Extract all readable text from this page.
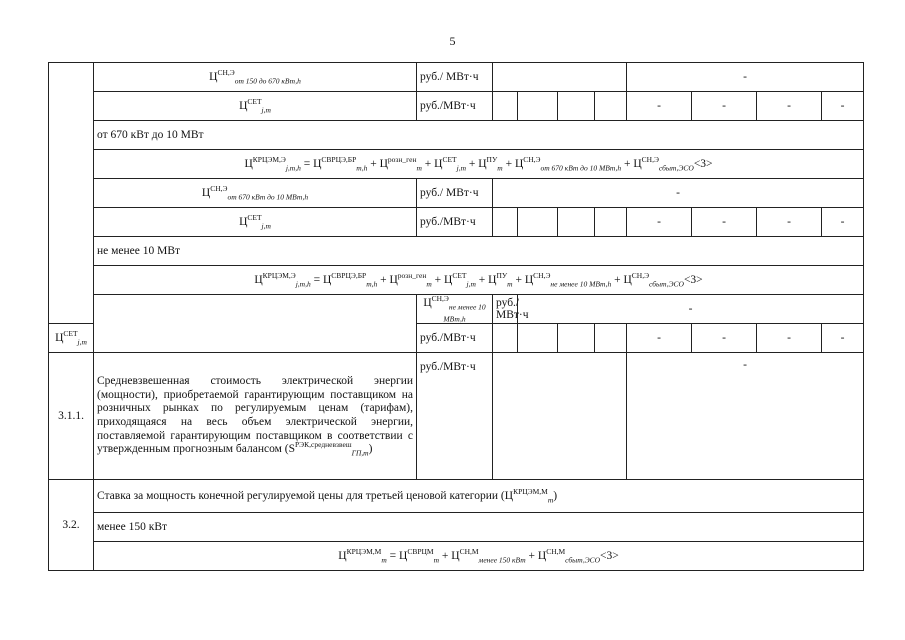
5
	$Ц^{СН,Э}_{от 150 до 670 кВт,h}$	руб./ МВт·ч					-			
	$Ц^{СЕТ}_{j,m}$	руб./МВт·ч					-	-	-	-
	от 670 кВт до 10 МВт									
	$Ц^{КРЦЭМ,Э}_{j,m,h} = Ц^{СВРЦЭ,БР}_{m,h} + Ц^{розн\_ген}_m + Ц^{СЕТ}_{j,m} + Ц^{ПУ}_m + Ц^{СН,Э}_{от 670 кВт до 10 МВт,h} + Ц^{СН,Э}_{сбыт,ЭСО}<3>$									
	$Ц^{СН,Э}_{от 670 кВт до 10 МВт,h}$	руб./ МВт·ч	-							
	$Ц^{СЕТ}_{j,m}$	руб./МВт·ч					-	-	-	-
	не менее 10 МВт									
	$Ц^{КРЦЭМ,Э}_{j,m,h} = Ц^{СВРЦЭ,БР}_{m,h} + Ц^{розн\_ген}_m + Ц^{СЕТ}_{j,m} + Ц^{ПУ}_m + Ц^{СН,Э}_{не менее 10 МВт,h} + Ц^{СН,Э}_{сбыт,ЭСО}<3>$									
		$Ц^{СН,Э}_{не менее 10 МВт,h}$	руб./ МВт·ч	-						
$Ц^{СЕТ}_{j,m}$		руб./МВт·ч					-	-	-	-
3.1.1.	Средневзвешенная стоимость электрической энергии (мощности), приобретаемой гарантирующим поставщиком на розничных рынках по регулируемым ценам (тарифам), приходящаяся на весь объем электрической энергии, поставляемой гарантирующим поставщиком в соответствии с утвержденным прогнозным балансом $(S^{РЭК,средневзвеш}_{ГП,m})$	руб./МВт·ч					-			
3.2.	Ставка за мощность конечной регулируемой цены для третьей ценовой категории $(Ц^{КРЦЭМ,М}_m)$									
	менее 150 кВт									
	$Ц^{КРЦЭМ,М}_m = Ц^{СВРЦМ}_m + Ц^{СН,М}_{менее 150 кВт} + Ц^{СН,М}_{сбыт,ЭСО}<3>$									
